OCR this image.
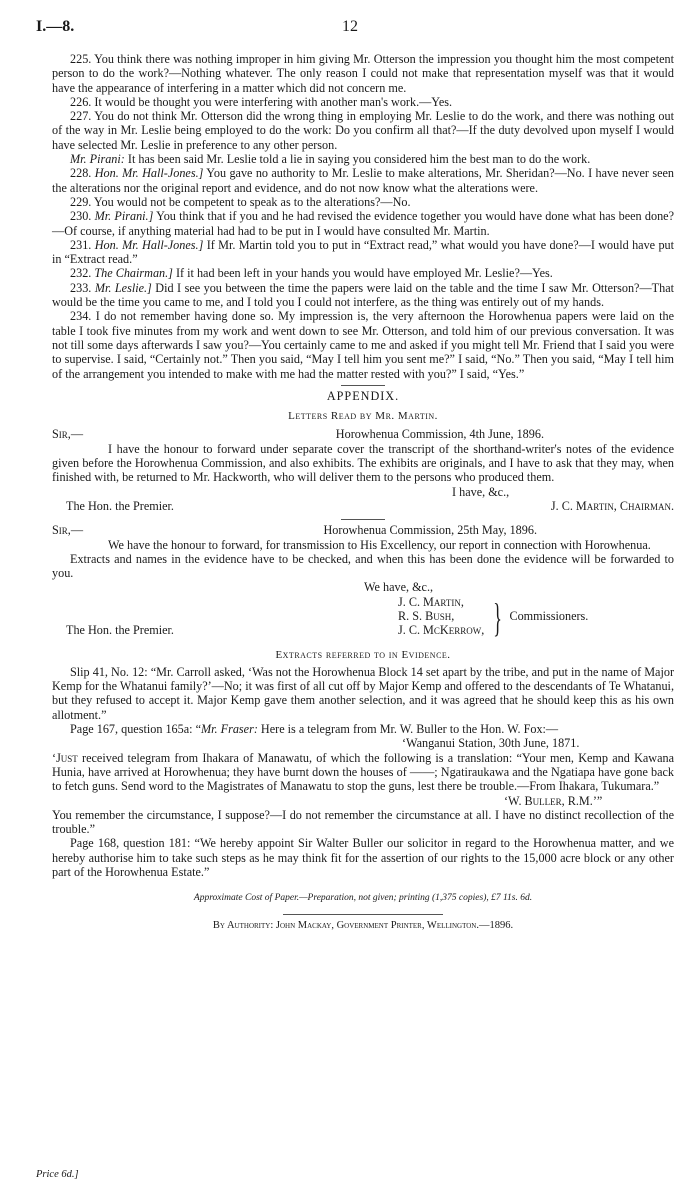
12
I.—8.

225. You think there was nothing improper in him giving Mr. Otterson the impression you thought him the most competent person to do the work?—Nothing whatever. The only reason I could not make that representation myself was that it would have the appearance of interfering in a matter which did not concern me.

226. It would be thought you were interfering with another man's work.—Yes.

227. You do not think Mr. Otterson did the wrong thing in employing Mr. Leslie to do the work, and there was nothing out of the way in Mr. Leslie being employed to do the work: Do you confirm all that?—If the duty devolved upon myself I would have selected Mr. Leslie in preference to any other person.

Mr. Pirani: It has been said Mr. Leslie told a lie in saying you considered him the best man to do the work.

228. Hon. Mr. Hall-Jones.] You gave no authority to Mr. Leslie to make alterations, Mr. Sheridan?—No. I have never seen the alterations nor the original report and evidence, and do not now know what the alterations were.

229. You would not be competent to speak as to the alterations?—No.

230. Mr. Pirani.] You think that if you and he had revised the evidence together you would have done what has been done?—Of course, if anything material had had to be put in I would have consulted Mr. Martin.

231. Hon. Mr. Hall-Jones.] If Mr. Martin told you to put in “Extract read,” what would you have done?—I would have put in “Extract read.”

232. The Chairman.] If it had been left in your hands you would have employed Mr. Leslie?—Yes.

233. Mr. Leslie.] Did I see you between the time the papers were laid on the table and the time I saw Mr. Otterson?—That would be the time you came to me, and I told you I could not interfere, as the thing was entirely out of my hands.

234. I do not remember having done so. My impression is, the very afternoon the Horowhenua papers were laid on the table I took five minutes from my work and went down to see Mr. Otterson, and told him of our previous conversation. It was not till some days afterwards I saw you?—You certainly came to me and asked if you might tell Mr. Friend that I said you were to supervise. I said, “Certainly not.” Then you said, “May I tell him you sent me?” I said, “No.” Then you said, “May I tell him of the arrangement you intended to make with me had the matter rested with you?” I said, “Yes.”

APPENDIX.
Letters Read by Mr. Martin.
Sir,—	Horowhenua Commission, 4th June, 1896.

I have the honour to forward under separate cover the transcript of the shorthand-writer's notes of the evidence given before the Horowhenua Commission, and also exhibits. The exhibits are originals, and I have to ask that they may, when finished with, be returned to Mr. Hackworth, who will deliver them to the persons who produced them.

I have, &c.,
The Hon. the Premier.	J. C. Martin, Chairman.
Sir,—	Horowhenua Commission, 25th May, 1896.

We have the honour to forward, for transmission to His Excellency, our report in connection with Horowhenua.

Extracts and names in the evidence have to be checked, and when this has been done the evidence will be forwarded to you.

We have, &c.,
The Hon. the Premier.
J. C. Martin,
R. S. Bush,
J. C. McKerrow, } Commissioners.
Extracts referred to in Evidence.

Slip 41, No. 12: “Mr. Carroll asked, ‘Was not the Horowhenua Block 14 set apart by the tribe, and put in the name of Major Kemp for the Whatanui family?’—No; it was first of all cut off by Major Kemp and offered to the descendants of Te Whatanui, but they refused to accept it. Major Kemp gave them another selection, and it was agreed that he should keep this as his own allotment.”

Page 167, question 165a: “Mr. Fraser: Here is a telegram from Mr. W. Buller to the Hon. W. Fox:—

‘Wanganui Station, 30th June, 1871.

‘Just received telegram from Ihakara of Manawatu, of which the following is a translation: “Your men, Kemp and Kawana Hunia, have arrived at Horowhenua; they have burnt down the houses of ——; Ngatiraukawa and the Ngatiapa have gone back to fetch guns. Send word to the Magistrates of Manawatu to stop the guns, lest there be trouble.—From Ihakara, Tukumara.”

‘W. Buller, R.M.’”

You remember the circumstance, I suppose?—I do not remember the circumstance at all. I have no distinct recollection of the trouble.”

Page 168, question 181: “We hereby appoint Sir Walter Buller our solicitor in regard to the Horowhenua matter, and we hereby authorise him to take such steps as he may think fit for the assertion of our rights to the 15,000 acre block or any other part of the Horowhenua Estate.”

Approximate Cost of Paper.—Preparation, not given; printing (1,375 copies), £7 11s. 6d.
By Authority: John Mackay, Government Printer, Wellington.—1896.
Price 6d.]
